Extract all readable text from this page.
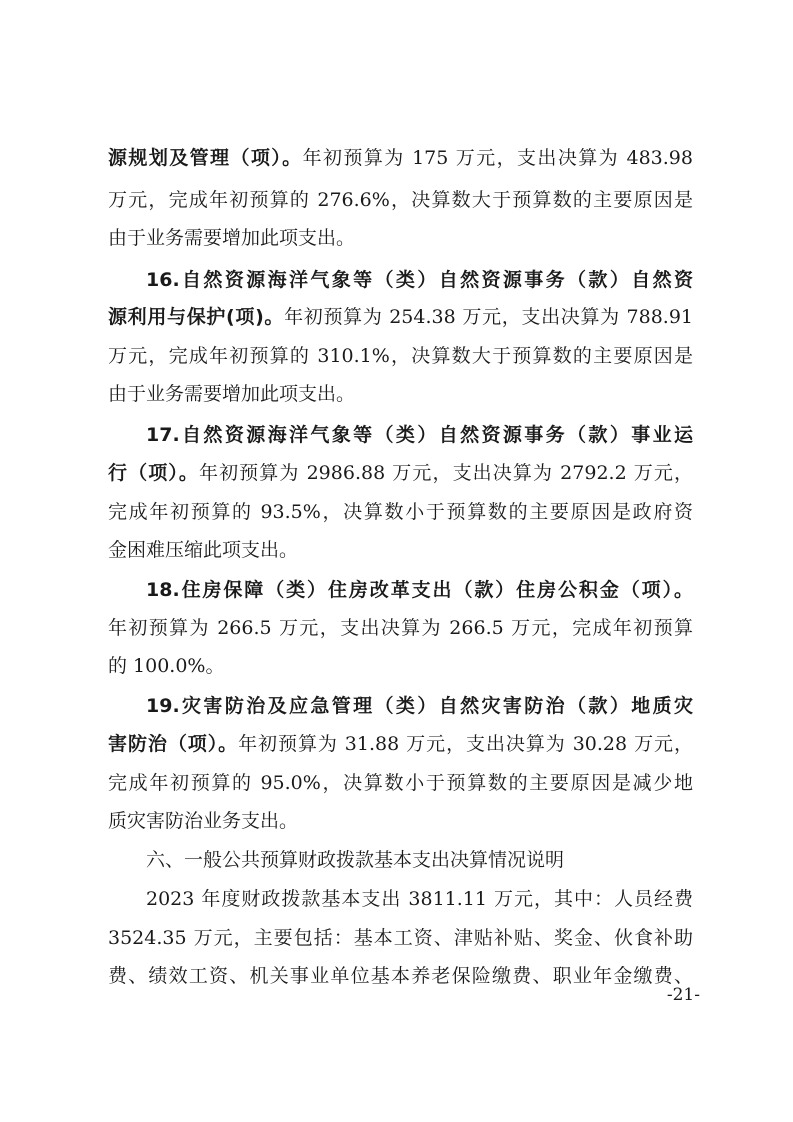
源规划及管理（项）。年初预算为 175 万元，支出决算为 483.98
万元，完成年初预算的 276.6%，决算数大于预算数的主要原因是
由于业务需要增加此项支出。
16.自然资源海洋气象等（类）自然资源事务（款）自然资
源利用与保护(项)。年初预算为 254.38 万元，支出决算为 788.91
万元，完成年初预算的 310.1%，决算数大于预算数的主要原因是
由于业务需要增加此项支出。
17.自然资源海洋气象等（类）自然资源事务（款）事业运
行（项）。年初预算为 2986.88 万元，支出决算为 2792.2 万元，
完成年初预算的 93.5%，决算数小于预算数的主要原因是政府资
金困难压缩此项支出。
18.住房保障（类）住房改革支出（款）住房公积金（项）。
年初预算为 266.5 万元，支出决算为 266.5 万元，完成年初预算
的 100.0%。
19.灾害防治及应急管理（类）自然灾害防治（款）地质灾
害防治（项）。年初预算为 31.88 万元，支出决算为 30.28 万元，
完成年初预算的 95.0%，决算数小于预算数的主要原因是减少地
质灾害防治业务支出。
六、一般公共预算财政拨款基本支出决算情况说明
2023 年度财政拨款基本支出 3811.11 万元，其中：人员经费
3524.35 万元，主要包括：基本工资、津贴补贴、奖金、伙食补助
费、绩效工资、机关事业单位基本养老保险缴费、职业年金缴费、
-21-
